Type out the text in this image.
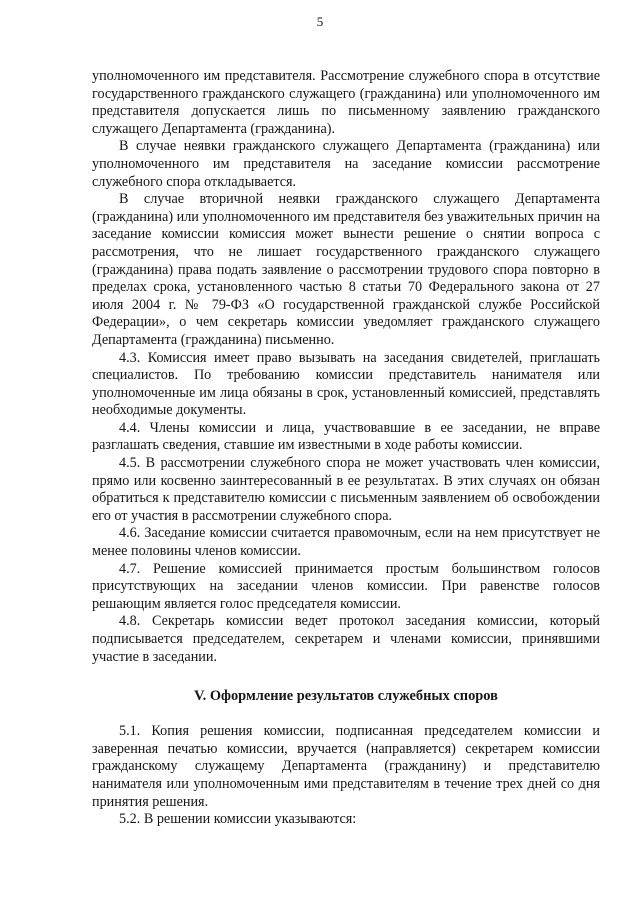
5

уполномоченного им представителя. Рассмотрение служебного спора в отсутствие государственного гражданского служащего (гражданина) или уполномоченного им представителя допускается лишь по письменному заявлению гражданского служащего Департамента (гражданина).

В случае неявки гражданского служащего Департамента (гражданина) или уполномоченного им представителя на заседание комиссии рассмотрение служебного спора откладывается.

В случае вторичной неявки гражданского служащего Департамента (гражданина) или уполномоченного им представителя без уважительных причин на заседание комиссии комиссия может вынести решение о снятии вопроса с рассмотрения, что не лишает государственного гражданского служащего (гражданина) права подать заявление о рассмотрении трудового спора повторно в пределах срока, установленного частью 8 статьи 70 Федерального закона от 27 июля 2004 г. № 79-ФЗ «О государственной гражданской службе Российской Федерации», о чем секретарь комиссии уведомляет гражданского служащего Департамента (гражданина) письменно.

4.3. Комиссия имеет право вызывать на заседания свидетелей, приглашать специалистов. По требованию комиссии представитель нанимателя или уполномоченные им лица обязаны в срок, установленный комиссией, представлять необходимые документы.

4.4. Члены комиссии и лица, участвовавшие в ее заседании, не вправе разглашать сведения, ставшие им известными в ходе работы комиссии.

4.5. В рассмотрении служебного спора не может участвовать член комиссии, прямо или косвенно заинтересованный в ее результатах. В этих случаях он обязан обратиться к представителю комиссии с письменным заявлением об освобождении его от участия в рассмотрении служебного спора.

4.6. Заседание комиссии считается правомочным, если на нем присутствует не менее половины членов комиссии.

4.7. Решение комиссией принимается простым большинством голосов присутствующих на заседании членов комиссии. При равенстве голосов решающим является голос председателя комиссии.

4.8. Секретарь комиссии ведет протокол заседания комиссии, который подписывается председателем, секретарем и членами комиссии, принявшими участие в заседании.

V. Оформление результатов служебных споров

5.1. Копия решения комиссии, подписанная председателем комиссии и заверенная печатью комиссии, вручается (направляется) секретарем комиссии гражданскому служащему Департамента (гражданину) и представителю нанимателя или уполномоченным ими представителям в течение трех дней со дня принятия решения.

5.2. В решении комиссии указываются:
